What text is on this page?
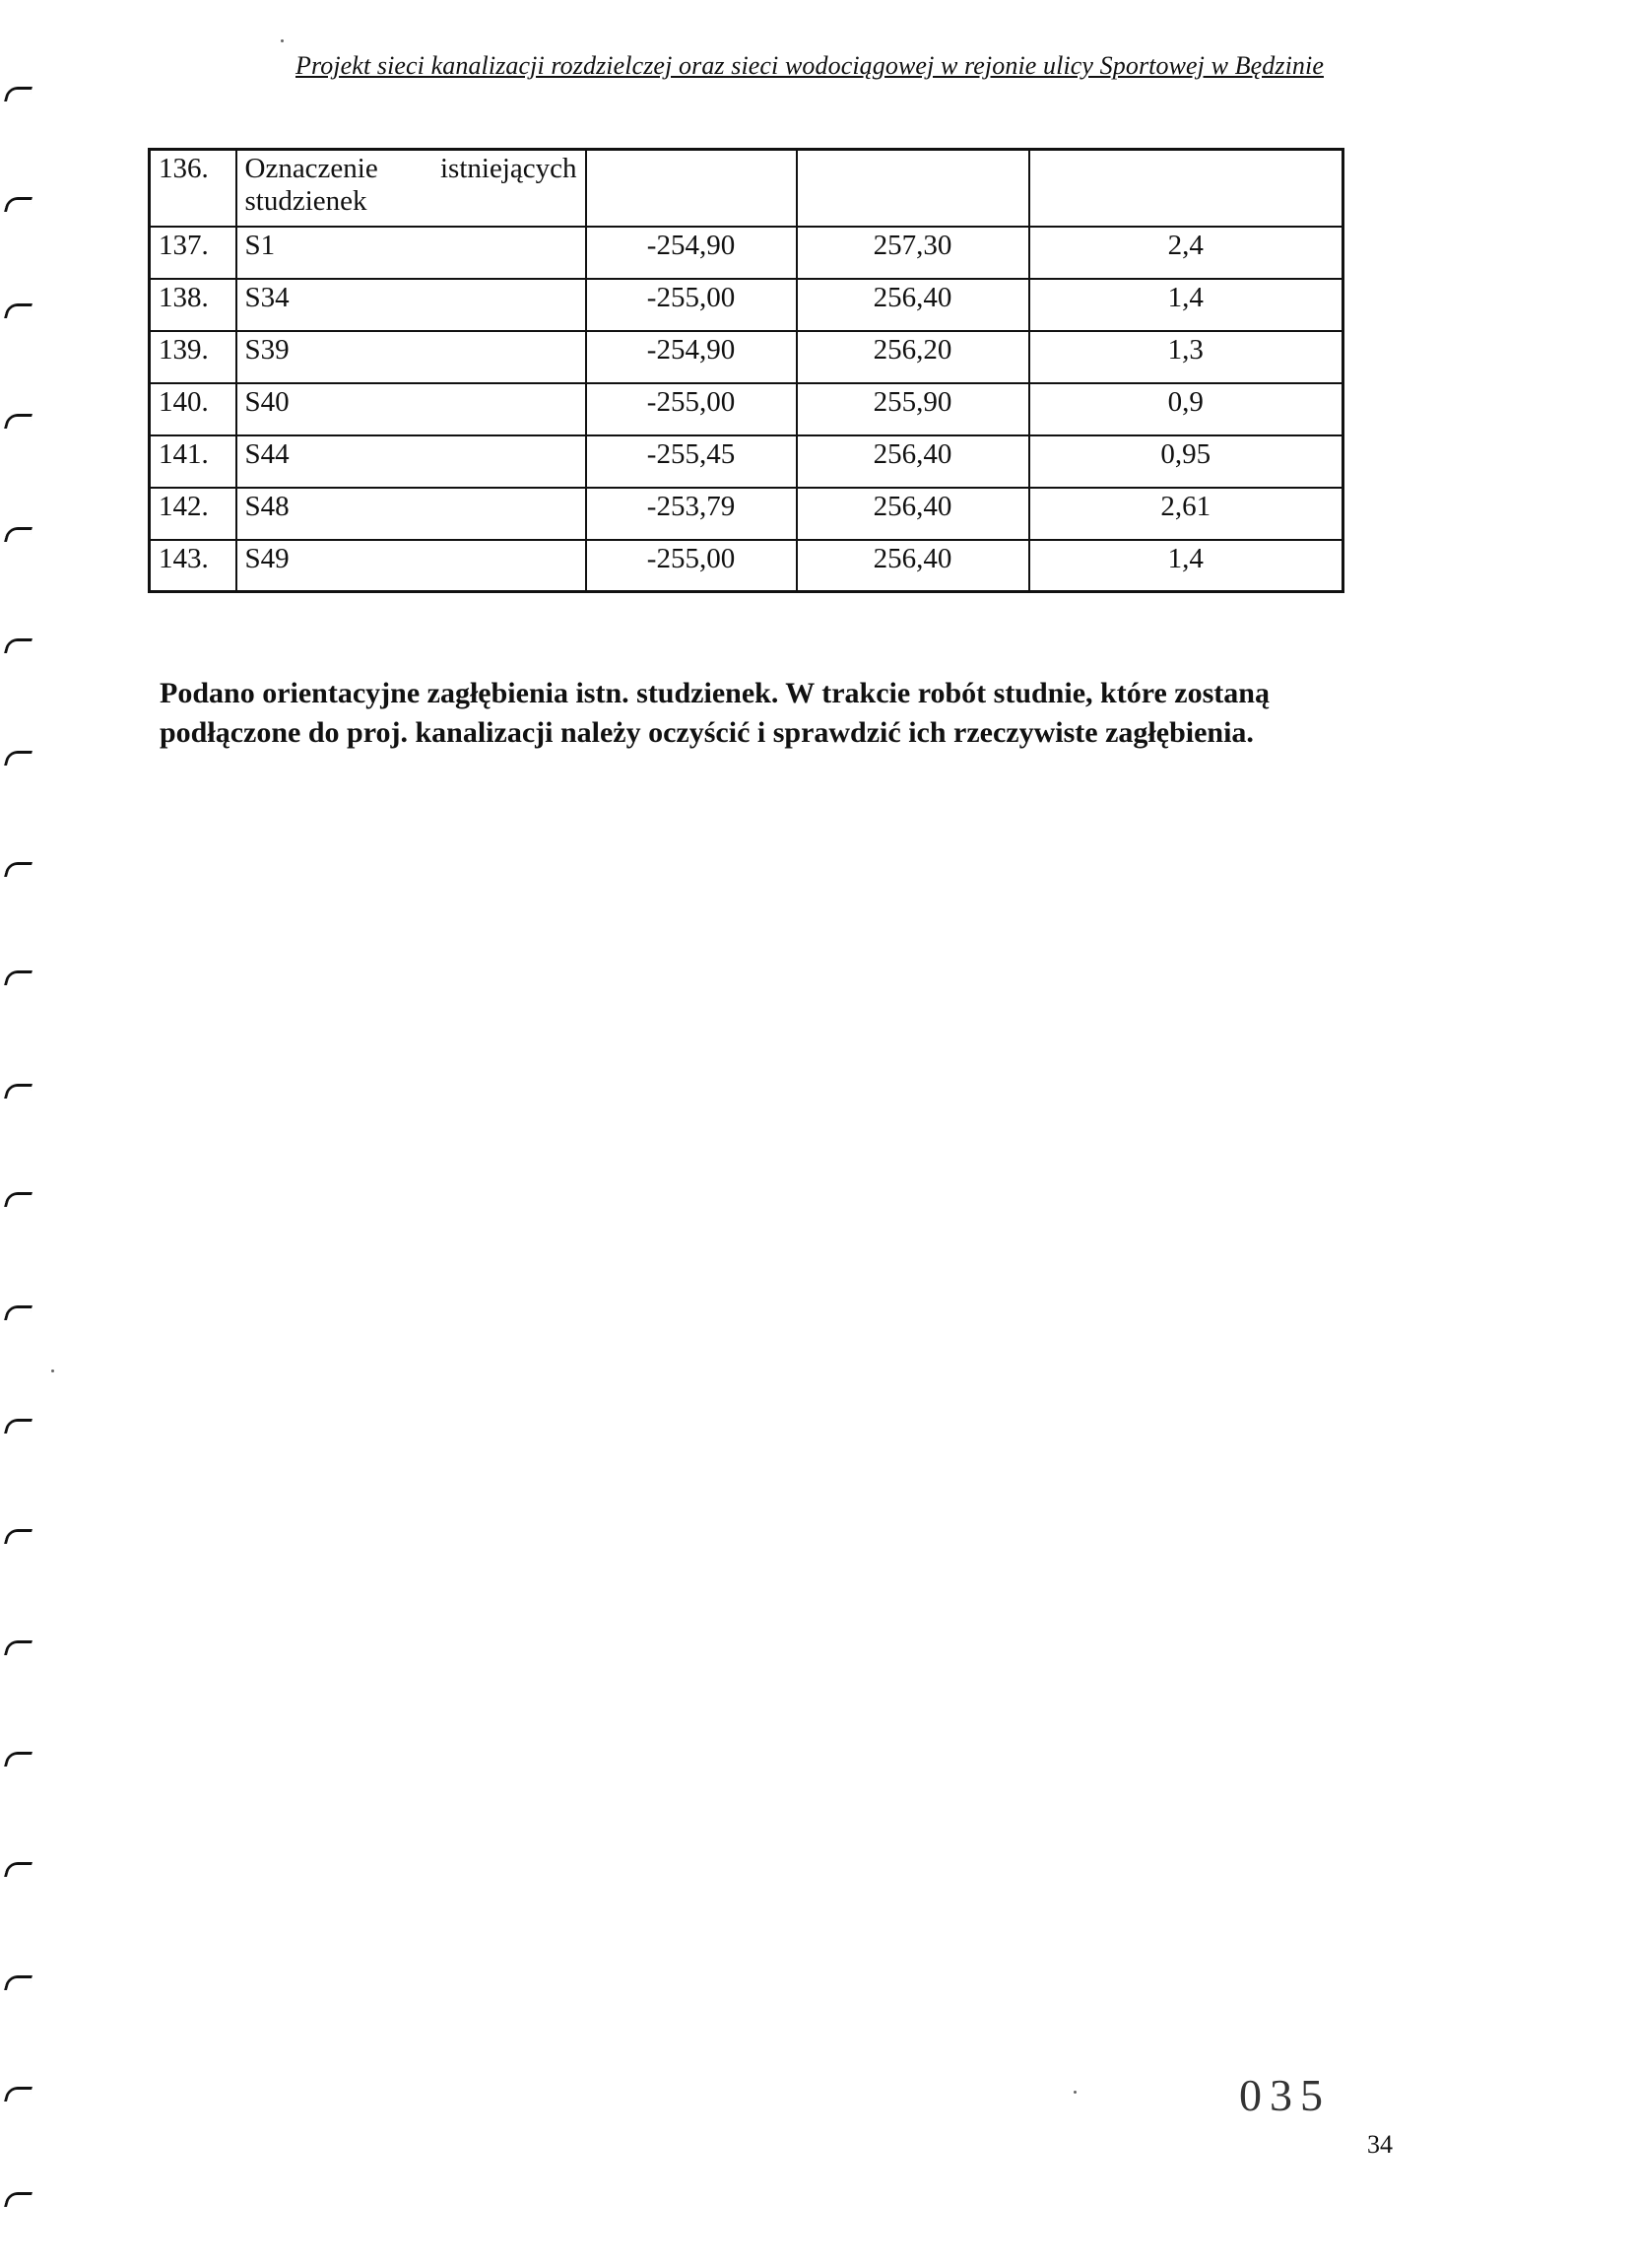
Projekt sieci kanalizacji rozdzielczej oraz sieci wodociągowej w rejonie ulicy Sportowej w Będzinie
136.	Oznaczenie istniejących
studzienek			
137.	S1	-254,90	257,30	2,4
138.	S34	-255,00	256,40	1,4
139.	S39	-254,90	256,20	1,3
140.	S40	-255,00	255,90	0,9
141.	S44	-255,45	256,40	0,95
142.	S48	-253,79	256,40	2,61
143.	S49	-255,00	256,40	1,4
Podano orientacyjne zagłębienia istn. studzienek. W trakcie robót studnie, które zostaną
podłączone do proj. kanalizacji należy oczyścić i sprawdzić ich rzeczywiste zagłębienia.
035
34
